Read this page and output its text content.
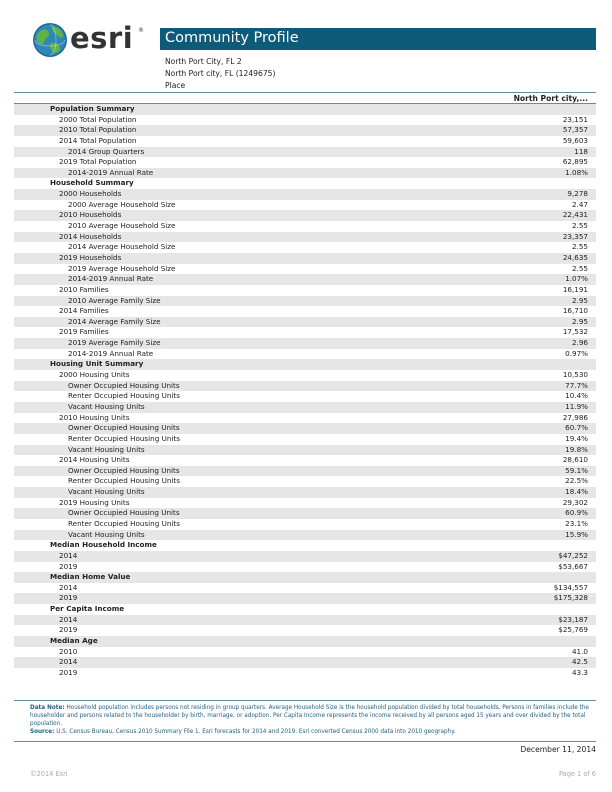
esri ® Community Profile
North Port City, FL 2
North Port city, FL (1249675)
Place
North Port city,...
Population Summary
2000 Total Population	23,151
2010 Total Population	57,357
2014 Total Population	59,603
2014 Group Quarters	118
2019 Total Population	62,895
2014-2019 Annual Rate	1.08%
Household Summary
2000 Households	9,278
2000 Average Household Size	2.47
2010 Households	22,431
2010 Average Household Size	2.55
2014 Households	23,357
2014 Average Household Size	2.55
2019 Households	24,635
2019 Average Household Size	2.55
2014-2019 Annual Rate	1.07%
2010 Families	16,191
2010 Average Family Size	2.95
2014 Families	16,710
2014 Average Family Size	2.95
2019 Families	17,532
2019 Average Family Size	2.96
2014-2019 Annual Rate	0.97%
Housing Unit Summary
2000 Housing Units	10,530
Owner Occupied Housing Units	77.7%
Renter Occupied Housing Units	10.4%
Vacant Housing Units	11.9%
2010 Housing Units	27,986
Owner Occupied Housing Units	60.7%
Renter Occupied Housing Units	19.4%
Vacant Housing Units	19.8%
2014 Housing Units	28,610
Owner Occupied Housing Units	59.1%
Renter Occupied Housing Units	22.5%
Vacant Housing Units	18.4%
2019 Housing Units	29,302
Owner Occupied Housing Units	60.9%
Renter Occupied Housing Units	23.1%
Vacant Housing Units	15.9%
Median Household Income
2014	$47,252
2019	$53,667
Median Home Value
2014	$134,557
2019	$175,328
Per Capita Income
2014	$23,187
2019	$25,769
Median Age
2010	41.0
2014	42.5
2019	43.3
Data Note: Household population includes persons not residing in group quarters. Average Household Size is the household population divided by total households. Persons in families include the householder and persons related to the householder by birth, marriage, or adoption. Per Capita Income represents the income received by all persons aged 15 years and over divided by the total population.
Source: U.S. Census Bureau, Census 2010 Summary File 1. Esri forecasts for 2014 and 2019. Esri converted Census 2000 data into 2010 geography.
December 11, 2014
©2014 Esri	Page 1 of 6
